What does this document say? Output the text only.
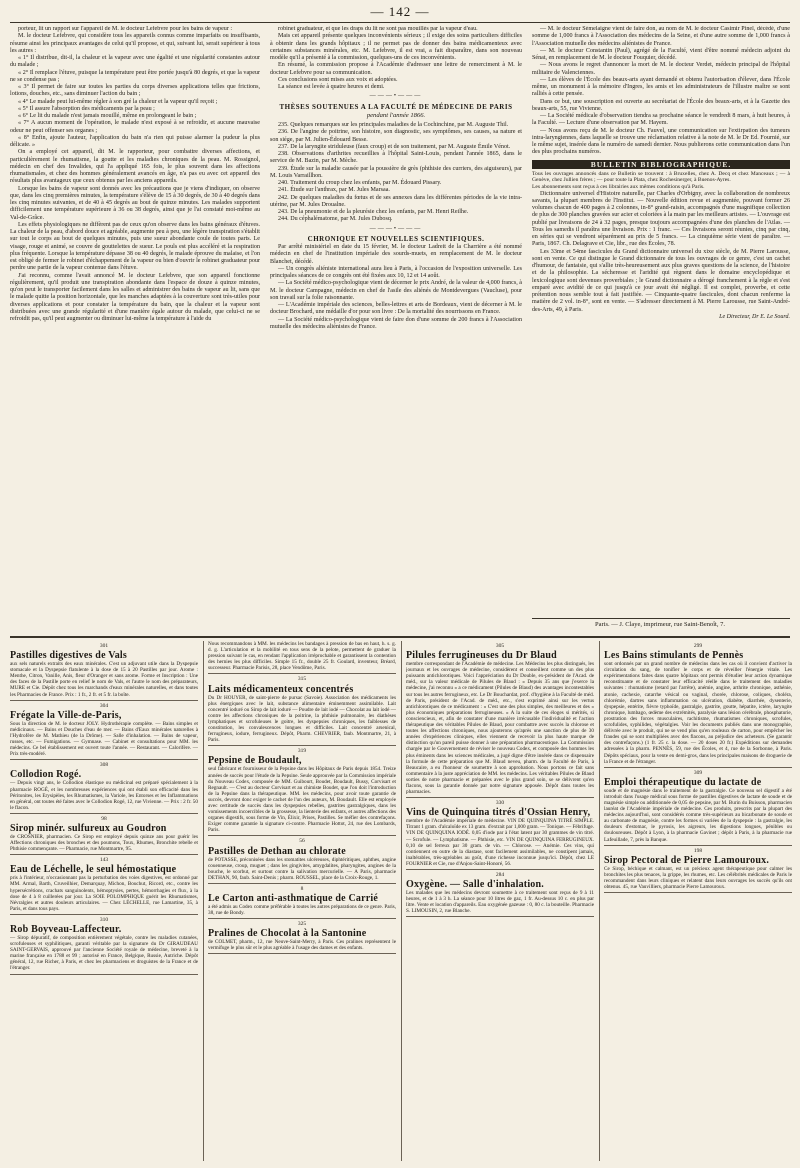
— 142 —

porteur, lit un rapport sur l'appareil de M. le docteur Lefebvre pour les bains de vapeur :

M. le docteur Lefebvre, qui considère tous les appareils connus comme imparfaits ou insuffisants, résume ainsi les principaux avantages de celui qu'il propose, et qui, suivant lui, serait supérieur à tous les autres :

« 1° Il distribue, dit-il, la chaleur et la vapeur avec une égalité et une régularité constantes autour du malade ;

« 2° Il remplace l'étuve, puisque la température peut être portée jusqu'à 80 degrés, et que la vapeur ne se condense pas ;

« 3° Il permet de faire sur toutes les parties du corps diverses applications telles que frictions, lotions, douches, etc., sans diminuer l'action du bain ;

« 4° Le malade peut lui-même régler à son gré la chaleur et la vapeur qu'il reçoit ;

« 5° Il assure l'absorption des médicaments par la peau ;

« 6° Le lit du malade n'est jamais mouillé, même en prolongeant le bain ;

« 7° A aucun moment de l'opération, le malade n'est exposé à se refroidir, et aucune mauvaise odeur ne peut offenser ses organes ;

« 8° Enfin, ajoute l'auteur, l'application du bain n'a rien qui puisse alarmer la pudeur la plus délicate. »

On a employé cet appareil, dit M. le rapporteur, pour combattre diverses affections, et particulièrement le rhumatisme, la goutte et les maladies chroniques de la peau. M. Rossignol, médecin en chef des Invalides, qui l'a appliqué 165 fois, le plus souvent dans les affections rhumatismales, et chez des hommes généralement avancés en âge, n'a pas eu avec cet appareil des résultats plus avantageux que ceux obtenus par les anciens appareils.

Lorsque les bains de vapeur sont donnés avec les précautions que je viens d'indiquer, on observe que, dans les cinq premières minutes, la température s'élève de 15 à 30 degrés, de 30 à 40 degrés dans les cinq minutes suivantes, et de 40 à 45 degrés au bout de quinze minutes. Les malades supportent difficilement une température supérieure à 36 ou 38 degrés, ainsi que je l'ai constaté moi-même au Val-de-Grâce.

Les effets physiologiques ne diffèrent pas de ceux qu'on observe dans les bains généraux d'étuves. La chaleur de la peau, d'abord douce et agréable, augmente peu à peu, une légère transpiration s'établit sur tout le corps au bout de quelques minutes, puis une sueur abondante coule de toutes parts. Le visage, rouge et animé, se couvre de gouttelettes de sueur. Le pouls est plus accéléré et la respiration plus fréquente. Lorsque la température dépasse 38 ou 40 degrés, le malade éprouve du malaise, et l'on est obligé de fermer le robinet d'échappement de la vapeur ou bien d'ouvrir le robinet graduateur pour perdre une partie de la vapeur contenue dans l'étuve.

J'ai reconnu, comme l'avait annoncé M. le docteur Lefebvre, que son appareil fonctionne régulièrement, qu'il produit une transpiration abondante dans l'espace de douze à quinze minutes, qu'on peut le transporter facilement dans les salles et administrer des bains de vapeur au lit, sans que le malade quitte la position horizontale, que les manches adaptées à la couverture sont très-utiles pour diverses applications et pour constater la température du bain, que la chaleur et la vapeur sont distribuées avec une grande régularité et d'une manière égale autour du malade, que celui-ci ne se refroidit pas, qu'il peut augmenter ou diminuer lui-même la température à l'aide du

robinet graduateur, et que les draps du lit ne sont pas mouillés par la vapeur d'eau.

Mais cet appareil présente quelques inconvénients sérieux ; il exige des soins particuliers difficiles à obtenir dans les grands hôpitaux ; il ne permet pas de donner des bains médicamenteux avec certaines substances minérales, etc. M. Lefebvre, il est vrai, a fait disparaître, dans son nouveau modèle qu'il a présenté à la commission, quelques-uns de ces inconvénients.

En résumé, la commission propose à l'Académie d'adresser une lettre de remerciment à M. le docteur Lefebvre pour sa communication.

Ces conclusions sont mises aux voix et adoptées.

La séance est levée à quatre heures et demi.

———•———
THÈSES SOUTENUES A LA FACULTÉ DE MÉDECINE DE PARIS
pendant l'année 1866.

235. Quelques remarques sur les principales maladies de la Cochinchine, par M. Auguste Thil.

236. De l'angine de poitrine, son histoire, son diagnostic, ses symptômes, ses causes, sa nature et son siége, par M. Julien-Édouard Besse.

237. De la laryngite striduleuse (faux croup) et de son traitement, par M. Auguste Émile Vénot.

238. Observations d'arthrites recueillies à l'hôpital Saint-Louis, pendant l'année 1865, dans le service de M. Bazin, par M. Mèche.

239. Étude sur la maladie causée par la poussière de grès (phthisie des curriers, des aiguiseurs), par M. Louis Varraillhon.

240. Traitement du croup chez les enfants, par M. Édouard Pissary.

241. Étude sur l'anthrax, par M. Jules Marsaa.

242. De quelques maladies du fœtus et de ses annexes dans les différentes périodes de la vie intra-utérine, par M. Jules Droualne.

243. De la pneumonie et de la pleurésie chez les enfants, par M. Henri Reilhe.

244. Du céphalématome, par M. Jules Dubosq.

———•———
CHRONIQUE ET NOUVELLES SCIENTIFIQUES.

Par arrêté ministériel en date du 15 février, M. le docteur Ladreit de la Charrière a été nommé médecin en chef de l'institution impériale des sourds-muets, en remplacement de M. le docteur Blanchet, décédé.

— Un congrès aliéniste international aura lieu à Paris, à l'occasion de l'exposition universelle. Les principales séances de ce congrès ont été fixées aux 10, 12 et 14 août.

— La Société médico-psychologique vient de décerner le prix André, de la valeur de 4,000 francs, à M. le docteur Campagne, médecin en chef de l'asile des aliénés de Montdevergues (Vaucluse), pour son travail sur la folie raisonnante.

— L'Académie impériale des sciences, belles-lettres et arts de Bordeaux, vient de décerner à M. le docteur Brochard, une médaille d'or pour son livre : De la mortalité des nourrissons en France.

— La Société médico-psychologique vient de faire don d'une somme de 200 francs à l'Association mutuelle des médecins aliénistes de France.

— M. le docteur Sémelaigne vient de faire don, au nom de M. le docteur Casimir Pinel, décédé, d'une somme de 1,000 francs à l'Association des médecins de la Seine, et d'une autre somme de 1,000 francs à l'Association mutuelle des médecins aliénistes de France.

— M. le docteur Constantin (Paul), agrégé de la Faculté, vient d'être nommé médecin adjoint du Sénat, en remplacement de M. le docteur Fouquier, décédé.

— Nous avons le regret d'annoncer la mort de M. le docteur Verdet, médecin principal de l'hôpital militaire de Valenciennes.

— Les élèves de l'École des beaux-arts ayant demandé et obtenu l'autorisation d'élever, dans l'École même, un monument à la mémoire d'Ingres, les amis et les administrateurs de l'illustre maître se sont ralliés à cette pensée.

Dans ce but, une souscription est ouverte au secrétariat de l'École des beaux-arts, et à la Gazette des beaux-arts, 55, rue Vivienne.

— La Société médicale d'observation tiendra sa prochaine séance le vendredi 8 mars, à huit heures, à la Faculté. — Lecture d'une observation par M. Hayem.

— Nous avons reçu de M. le docteur Ch. Fauvel, une communication sur l'extirpation des tumeurs intra-laryngiennes, dans laquelle se trouve une réclamation relative à la note de M. le Dr Ed. Fournié, sur le même sujet, insérée dans le numéro de samedi dernier. Nous publierons cette communication dans l'un des plus prochains numéros.

BULLETIN BIBLIOGRAPHIQUE.

Tous les ouvrages annoncés dans ce Bulletin se trouvent : à Bruxelles, chez A. Decq et chez Manceaux ; — à Genève, chez Jullien frères ; — pour toute la Plata, chez Rochesinerger, à Buenos-Ayres.
Les abonnements sont reçus à ces librairies aux mêmes conditions qu'à Paris.

Dictionnaire universel d'Histoire naturelle, par Charles d'Orbigny, avec la collaboration de nombreux savants, la plupart membres de l'Institut. — Nouvelle édition revue et augmentée, pouvant former 26 volumes chacun de 400 pages à 2 colonnes, in-8° grand-raisin, accompagnés d'une magnifique collection de plus de 300 planches gravées sur acier et coloriées à la main par les meilleurs artistes. — L'ouvrage est publié par livraisons de 24 à 32 pages, presque toujours accompagnées d'une des planches de l'Atlas. — Tous les samedis il paraîtra une livraison. Prix : 1 franc. — Ces livraisons seront réunies, cinq par cinq, en séries qui se vendront séparément au prix de 5 francs. — La cinquième série vient de paraître. — Paris, 1867. Ch. Delagrave et Cie, libr., rue des Écoles, 78.

Les 33me et 54me fascicules du Grand dictionnaire universel du xixe siècle, de M. Pierre Larousse, sont en vente. Ce qui distingue le Grand dictionnaire de tous les ouvrages de ce genre, c'est un cachet d'humour, de fantaisie, qui s'allie très-heureusement aux plus graves questions de la science, de l'histoire et de la philosophie. La sécheresse et l'aridité qui règnent dans le domaine encyclopédique et lexicologique sont devenues proverbiales ; le Grand dictionnaire a dérogé franchement à la règle et s'est emparé avec avidité de ce qui jusqu'à ce jour avait été négligé. Il est complet, proverbe, et cette prétention nous semble tout à fait justifiée. — Cinquante-quatre fascicules, dont chacun renferme la matière de 2 vol. in-8°, sont en vente. — S'adresser directement à M. Pierre Larousse, rue Saint-André-des-Arts, 49, à Paris.

Le Directeur, Dr E. Le Sourd.

Paris. — J. Claye, imprimeur, rue Saint-Benoît, 7.
301
Pastilles digestives de Vals
aux sels naturels extraits des eaux minérales. C'est un adjuvant utile dans la Dyspepsie stomacale et la Dyspepsie flatulente à la dose de 15 à 20 Pastilles par jour. Arome : Menthe, Citron, Vanille, Anis, fleur d'Oranger et sans arome. Forme et Inscription : Une des faces de la Pastille porte en relief le nom de Vals, et l'autre le nom des préparateurs, MURE et Cie. Dépôt chez tous les marchands d'eaux minérales naturelles, et dans toutes les Pharmacies de France. Prix : 1 fr., 2 fr. et 5 fr. la boîte.
304
Frégate la Ville-de-Paris,
Sous la direction de M. le docteur JOLY. Hydrothérapie complète. — Bains simples et médicinaux. — Bains et Douches d'eau de mer. — Bains d'Eaux minérales naturelles à l'Hydrofère de M. Mathieu (de la Drôme). — Salle d'inhalation. — Bains de vapeur, russes, etc. — Fumigations. — Gymnase. — Cabinet et consultations pour MM. les médecins. Ce bel établissement est ouvert toute l'année. — Restaurant. — Calorifère. — Prix très-modéré.
308
Collodion Rogé.
— Depuis vingt ans, le Collodion élastique ou médicinal est préparé spécialement à la pharmacie ROGÉ, et les nombreuses expériences qui ont établi son efficacité dans les Péritonites, les Erysipèles, les Rhumatismes, la Variole, les Entorses et les Inflammations en général, ont toutes été faites avec le Collodion Rogé, 12, rue Vivienne. — Prix : 2 fr. 50 le flacon.
98
Sirop minér. sulfureux au Goudron
de CROSNIER, pharmacien. Ce Sirop est employé depuis quinze ans pour guérir les Affections chroniques des bronches et des poumons, Toux, Rhumes, Bronchite rebelle et Phthisie commençante. — Pharmacie, rue Montmartre, 95.
143
Eau de Léchelle, le seul hémostatique
pris à l'intérieur, n'occasionnant pas la perturbation des voies digestives, est ordonné par MM. Armal, Barth, Cruveilhier, Demarquay, Michon, Bouchut, Ricord, etc., contre les hypersécrétions, crachats sanguinolents, hémoptysies, pertes, hémorrhagies et flux, à la dose de 4 à 8 cuillerées par jour. La SOIE POLOMPHIQUE guérit les Rhumatismes, Névralgies et autres douleurs articulaires. — Chez LÉCHELLE, rue Lamartine, 35, à Paris, et dans tous pays.
310
Rob Boyveau-Laffecteur.
— Sirop dépuratif, de composition entièrement végétale, contre les maladies cutanées, scrofuleuses et syphilitiques, garanti véritable par la signature du Dr GIRAUDEAU SAINT-GERVAIS, approuvé par l'ancienne Société royale de médecine, breveté à la marine française en 1788 et 99 ; autorisé en France, Belgique, Russie, Autriche. Dépôt général, 12, rue Richer, à Paris, et chez les pharmaciens et droguistes de la France et de l'étranger.
Nous recommandons à MM. les médecins les bandages à pression de bas en haut, h. s. g. d. g. L'articulation et la mobilité en tous sens de la pelote, permettent de graduer la pression suivant le cas, en rendant l'application irréprochable et garantissent la contention des hernies les plus difficiles. Simple 15 fr., double 25 fr. Goulard, inventeur, Bréard, successeur. Pharmacie Parisis, 28, place Vendôme, Paris.
315
Laits médicamenteux concentrés
Du Dr HOUYER, de saint-pierre de pursac (Savoie). Association des médicaments les plus énergiques avec le lait, substance alimentaire éminemment assimilable. Lait concentré ioduré ou Sirop de lait ioduré — Poudre de lait iodé — Chocolat au lait iodé — contre les affections chroniques de la poitrine, la phthisie pulmonaire, les diathèses lymphatiques et scrofuleuses le goitre, les dyspepsies chroniques, les faiblesses de constitution, les convalescences longues et difficiles. Lait concentré arsenical, ferrugineux, iodure, ferrugineux. Dépôt, Pharm. CHEVRIER, faub. Montmartre, 21, à Paris.
319
Pepsine de Boudault,
seul fabricant et fournisseur de la Pepsine dans les Hôpitaux de Paris depuis 1854. Treize années de succès pour l'étude de la Pepsine. Seule approuvée par la Commission impériale du Nouveau Codex, composée de MM. Guibourt, Boudet, Boudault, Bussy, Corvisart et Regnault. — C'est au docteur Corvisart et au chimiste Boudet, que l'on doit l'introduction de la Pepsine dans la thérapeutique. MM. les médecins, pour avoir toute garantie de succès, devront donc exiger le cachet de l'un des auteurs, M. Boudault. Elle est employée avec certitude de succès dans les dyspepsies rebelles, gastrites gastralgiques, dans les vomissements incoercibles de la grossesse, la lienterie des enfants, et autres affections des organes digestifs, sous forme de Vin, Élixir, Prises, Pastilles. Se méfier des contrefaçons. Exiger comme garantie la signature ci-contre. Pharmacie Hottot, 24, rue des Lombards, Paris.
56
Pastilles de Dethan au chlorate
de POTASSE, préconisées dans les stomatites ulcéreuses, diphtéritiques, aphthes, angine couenneuse, croup, muguet ; dans les gingivites, amygdalites, pharyngites, angines de la bouche, le scorbut, et surtout contre la salivation mercurielle. — A Paris, pharmacie DETHAN, 90, faub. Saint-Denis ; pharm. ROUSSEL, place de la Croix-Rouge, 1.
8
Le Carton anti-asthmatique de Carrié
a été admis au Codex comme préférable à toutes les autres préparations de ce genre. Paris, 38, rue de Bondy.
325
Pralines de Chocolat à la Santonine
de COLMET, pharm., 12, rue Neuve-Saint-Merry, à Paris. Ces pralines représentent le vermifuge le plus sûr et le plus agréable à l'usage des dames et des enfants.
305
Pilules ferrugineuses du Dr Blaud
membre correspondant de l'Académie de médecine. Les Médecins les plus distingués, les journaux et les ouvrages de médecine, considèrent et conseillent comme un des plus puissants antichlorotiques. Voici l'appréciation du Dr Double, ex-président de l'Acad. de méd., sur la valeur médicale de Pilules de Blaud : « Depuis 35 ans que j'exerce la médecine, j'ai reconnu « a ce médicament (Pilules de Blaud) des avantages incontestables sur tous les autres ferrugineux, etc. Le Dr Bouchardat, prof. d'hygiène à la Faculté de méd. de Paris, président de l'Acad. de méd., etc., s'est exprimé ainsi sur les vertus antichlorotiques de ce médicament : « C'est une des plus simples, des meilleures et des « plus économiques préparations ferrugineuses. » A la suite de ces éloges si mérités, si consciencieux, et, afin de constater d'une manière irrécusable l'individualité et l'action thérapeutique des véritables Pilules de Blaud, pour combattre avec succès la chlorose et toutes les affections chroniques, nous ajouterons qu'après une sanction de plus de 30 années d'expériences cliniques, elles viennent de recevoir la plus haute marque de distinction qu'un pareil puisse donner à une préparation pharmaceutique. La Commission chargée par le Gouvernement de réviser le nouveau Codex, et composée des hommes les plus éminents dans les sciences médicales, a jugé digne d'être insérée dans ce dispensaire la formule de cette préparation que M. Blaud neveu, pharm. de la Faculté de Paris, à Beaucaire, a eu l'honneur de soumettre à son approbation. Nous portons ce fait sans commentaire à la juste appréciation de MM. les médecins. Les véritables Pilules de Blaud sorties de notre pharmacie et préparées avec le plus grand soin, se se délivrent qu'en flacons, sous la garantie donnée par notre signature apposée. Dépôt dans toutes les pharmacies.
330
Vins de Quinquina titrés d'Ossian Henry,
membre de l'Académie impériale de médecine. VIN DE QUINQUINA TITRÉ SIMPLE. Titrant 1 gram. d'alcaloïde ex 13 gram. d'extrait par 1,000 gram. — Tonique. — Fébrifuge. VIN DE QUINQUINA IODÉ. 0,05 d'iode par à l'état latent par 30 grammes de vin titré. — Scrofule. — Lymphatisme. — Phthisie, etc. VIN DE QUINQUINA FERRUGINEUX. 0,10 de sel ferreux par 30 gram. de vin. — Chlorose. — Anémie. Ces vins, qui contiennent en outre de la diastase, sont facilement assimilables, ne constipent jamais, inaltérables, très-agréables au goût, d'une richesse inconnue jusqu'ici. Dépôt, chez LE FOURNIER et Cie, rue d'Anjou-Saint-Honoré, 56.
284
Oxygène. — Salle d'inhalation.
Les malades que les médecins devront soumettre à ce traitement sont reçus de 9 à 11 heures, et de 1 à 3 h. La séance pour 10 litres de gaz, 1 fr. Au-dessus 10 c. en plus par litre. Vente et location d'appareils. Eau oxygénée gazeuse : 0, 80 c. la bouteille. Pharmacie S. LIMOUSIN, 2, rue Blanche.
299
Les Bains stimulants de Pennès
sont ordonnés par un grand nombre de médecins dans les cas où il convient d'activer la circulation du sang, de tonifier le corps et de réveiller l'énergie vitale. Les expérimentations faites dans quatre hôpitaux ont permis d'étudier leur action dynamique reconstituante et de constater leur efficacité réelle dans le traitement des maladies suivantes : rhumatisme (retard par l'arrête), anémie, angine, arthrite chronique, asthénie, atonie, cachexie, catarrhe vésical ou vaginal, chorée, chlorose, coliques, choléra, chlorémie, dartres sans inflammation ou ulcération, diabète, diarrhée, dysenterie, dyspepsie, entérite, fièvre typhoïde, gastralgie, gastrite, goutte, hépatite, ictère, laryngite chronique, lumbago, œdème des extrémités, paralysie sans lésion cérébrale, phosphaturie, prostration des forces musculaires, rachitisme, rhumatismes chroniques, scrofules, scrofulides, syphilides, végétalgies. Voir les documents publiés dans une monographie, délivrée avec le produit, qui ne se vend plus qu'en rouleaux de carton, pour empêcher les fraudes qui se sont multipliées avec des flacons, au préjudice des acheteurs. (Se garantir des contrefaçons.) (1 fr. 25 c. la dose. — 20 doses 20 fr.) Expéditions sur demandes adressées à la pharm. PENNÈS, 59, rue des Écoles, et 4, rue de la Sorbonne, à Paris. Dépôts spéciaux, pour la vente en demi-gros, dans les principales maisons de droguerie de la France et de l'étranger.
309
Emploi thérapeutique du lactate de
soude et de magnésie dans le traitement de la gastralgie. Ce nouveau sel digestif a été introduit dans l'usage médical sous forme de pastilles digestives de lactate de soude et de magnésie simple ou additionnée de 0,05 de pepsine, par M. Burin du Buisson, pharmacien lauréat de l'Académie impériale de médecine. Ces produits, prescrits par la plupart des médecins aujourd'hui, sont considérés comme très-supérieurs au bicarbonate de soude et au carbonate de magnésie, contre les formes si variées de la dyspepsie : la gastralgie, les douleurs d'estomac, le pyrosis, les aigreurs, les digestions longues, pénibles ou douloureuses. Dépôt à Lyon, à la pharmacie Gavinet ; dépôt à Paris, à la pharmacie rue Lafeuillade, 7, près la Banque.
198
Sirop Pectoral de Pierre Lamouroux.
Ce Sirop, béchique et calmant, est un précieux agent thérapeutique pour calmer les bronchites les plus tenaces, la grippe, les rhumes, etc. Les célébrités médicales de Paris le recommandent dans leurs cliniques et relatent dans leurs ouvrages les succès qu'ils ont obtenus. 45, rue Vauvilliers, pharmacie Pierre Lamouroux.
